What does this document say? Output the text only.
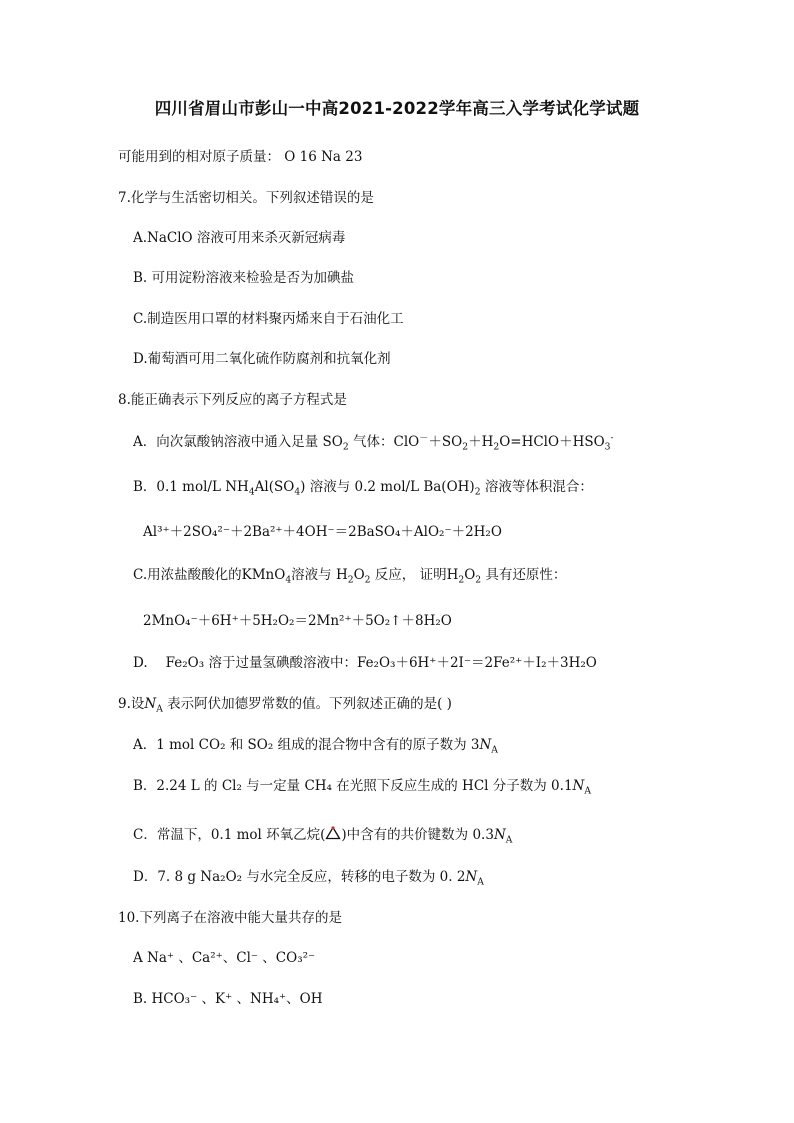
四川省眉山市彭山一中高2021-2022学年高三入学考试化学试题
可能用到的相对原子质量： O 16 Na 23
7.化学与生活密切相关。下列叙述错误的是
A.NaClO 溶液可用来杀灭新冠病毒
B. 可用淀粉溶液来检验是否为加碘盐
C.制造医用口罩的材料聚丙烯来自于石油化工
D.葡萄酒可用二氧化硫作防腐剂和抗氧化剂
8.能正确表示下列反应的离子方程式是
A．向次氯酸钠溶液中通入足量 $SO_2$ 气体：$ClO^-+SO_2+H_2O=HClO+HSO_3^-$
B．0.1 mol/L $NH_4Al(SO_4)$ 溶液与 0.2 mol/L $Ba(OH)_2$ 溶液等体积混合：
Al³⁺＋2SO₄²⁻＋2Ba²⁺＋4OH⁻＝2BaSO₄＋AlO₂⁻＋2H₂O
C.用浓盐酸酸化的KMnO$_4$溶液与 $H_2O_2$ 反应， 证明$H_2O_2$ 具有还原性：
2MnO₄⁻＋6H⁺＋5H₂O₂＝2Mn²⁺＋5O₂↑＋8H₂O
D. Fe₂O₃ 溶于过量氢碘酸溶液中：Fe₂O₃＋6H⁺＋2I⁻＝2Fe²⁺＋I₂＋3H₂O
9.设$N_A$ 表示阿伏加德罗常数的值。下列叙述正确的是( )
A．1 mol CO₂ 和 SO₂ 组成的混合物中含有的原子数为 $3N_A$
B．2.24 L 的 Cl₂ 与一定量 CH₄ 在光照下反应生成的 HCl 分子数为 $0.1N_A$
C．常温下，0.1 mol 环氧乙烷( )中含有的共价键数为 $0.3N_A$
D．7. 8 g Na₂O₂ 与水完全反应，转移的电子数为 0. $2N_A$
10.下列离子在溶液中能大量共存的是
A Na⁺ 、Ca²⁺、Cl⁻ 、CO₃²⁻
B. HCO₃⁻ 、K⁺ 、NH₄⁺、OH
